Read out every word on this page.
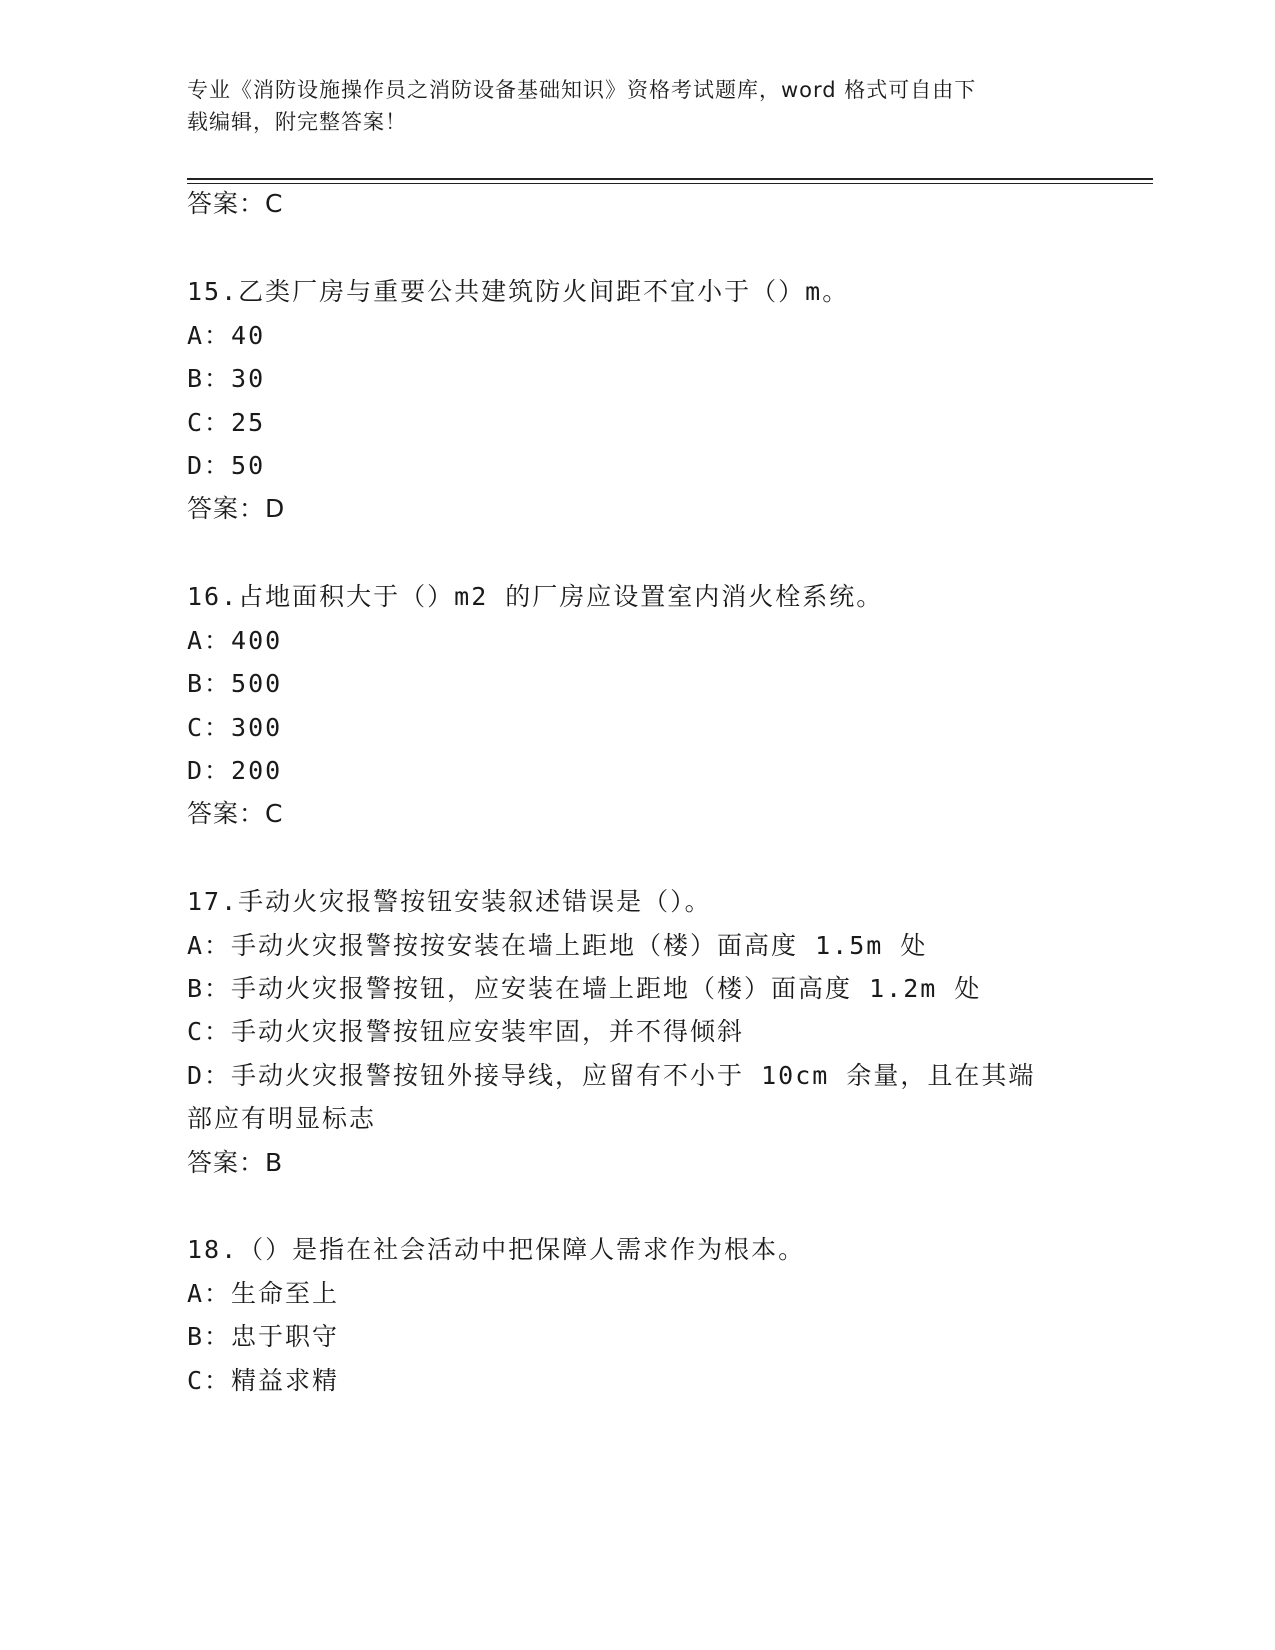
专业《消防设施操作员之消防设备基础知识》资格考试题库，word 格式可自由下
载编辑，附完整答案！
答案：C
15.乙类厂房与重要公共建筑防火间距不宜小于（）m。
A：40
B：30
C：25
D：50
答案：D
16.占地面积大于（）m2 的厂房应设置室内消火栓系统。
A：400
B：500
C：300
D：200
答案：C
17.手动火灾报警按钮安装叙述错误是（）。
A：手动火灾报警按按安装在墙上距地（楼）面高度 1.5m 处
B：手动火灾报警按钮，应安装在墙上距地（楼）面高度 1.2m 处
C：手动火灾报警按钮应安装牢固，并不得倾斜
D：手动火灾报警按钮外接导线，应留有不小于 10cm 余量，且在其端
部应有明显标志
答案：B
18.（）是指在社会活动中把保障人需求作为根本。
A：生命至上
B：忠于职守
C：精益求精
